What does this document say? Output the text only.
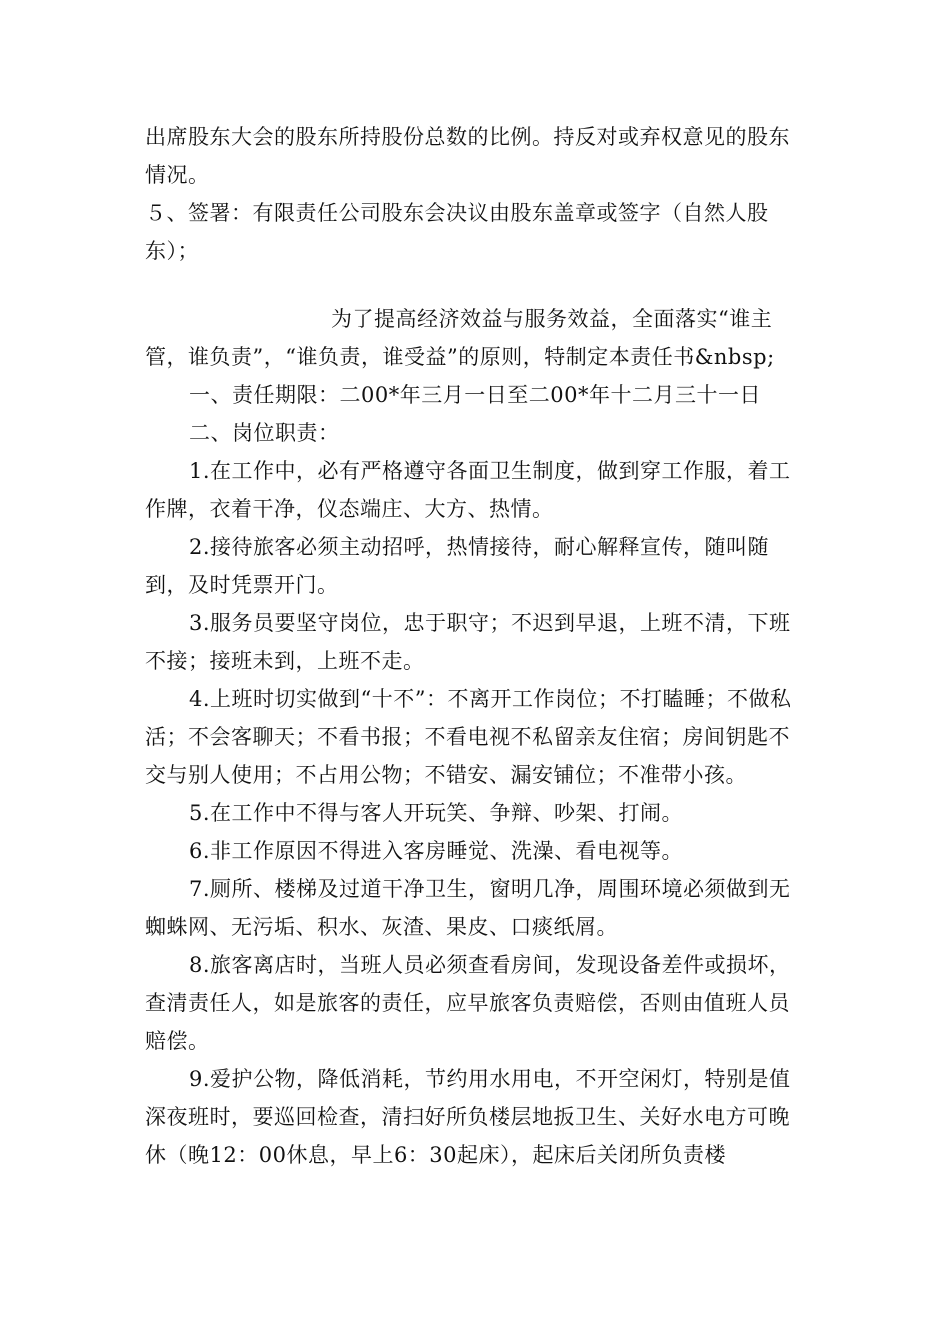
出席股东大会的股东所持股份总数的比例。持反对或弃权意见的股东情况。

５、签署：有限责任公司股东会决议由股东盖章或签字（自然人股东）；

为了提高经济效益与服务效益，全面落实“谁主管，谁负责”，“谁负责，谁受益”的原则，特制定本责任书&nbsp;

一、责任期限：二00*年三月一日至二00*年十二月三十一日

二、岗位职责：

1.在工作中，必有严格遵守各面卫生制度，做到穿工作服，着工作牌，衣着干净，仪态端庄、大方、热情。

2.接待旅客必须主动招呼，热情接待，耐心解释宣传，随叫随到，及时凭票开门。

3.服务员要坚守岗位，忠于职守；不迟到早退，上班不清，下班不接；接班未到，上班不走。

4.上班时切实做到“十不”：不离开工作岗位；不打瞌睡；不做私活；不会客聊天；不看书报；不看电视不私留亲友住宿；房间钥匙不交与别人使用；不占用公物；不错安、漏安铺位；不准带小孩。

5.在工作中不得与客人开玩笑、争辩、吵架、打闹。

6.非工作原因不得进入客房睡觉、洗澡、看电视等。

7.厕所、楼梯及过道干净卫生，窗明几净，周围环境必须做到无蜘蛛网、无污垢、积水、灰渣、果皮、口痰纸屑。

8.旅客离店时，当班人员必须查看房间，发现设备差件或损坏，查清责任人，如是旅客的责任，应早旅客负责赔偿，否则由值班人员赔偿。

9.爱护公物，降低消耗，节约用水用电，不开空闲灯，特别是值深夜班时，要巡回检查，清扫好所负楼层地扳卫生、关好水电方可晚休（晚12：00休息，早上6：30起床），起床后关闭所负责楼
